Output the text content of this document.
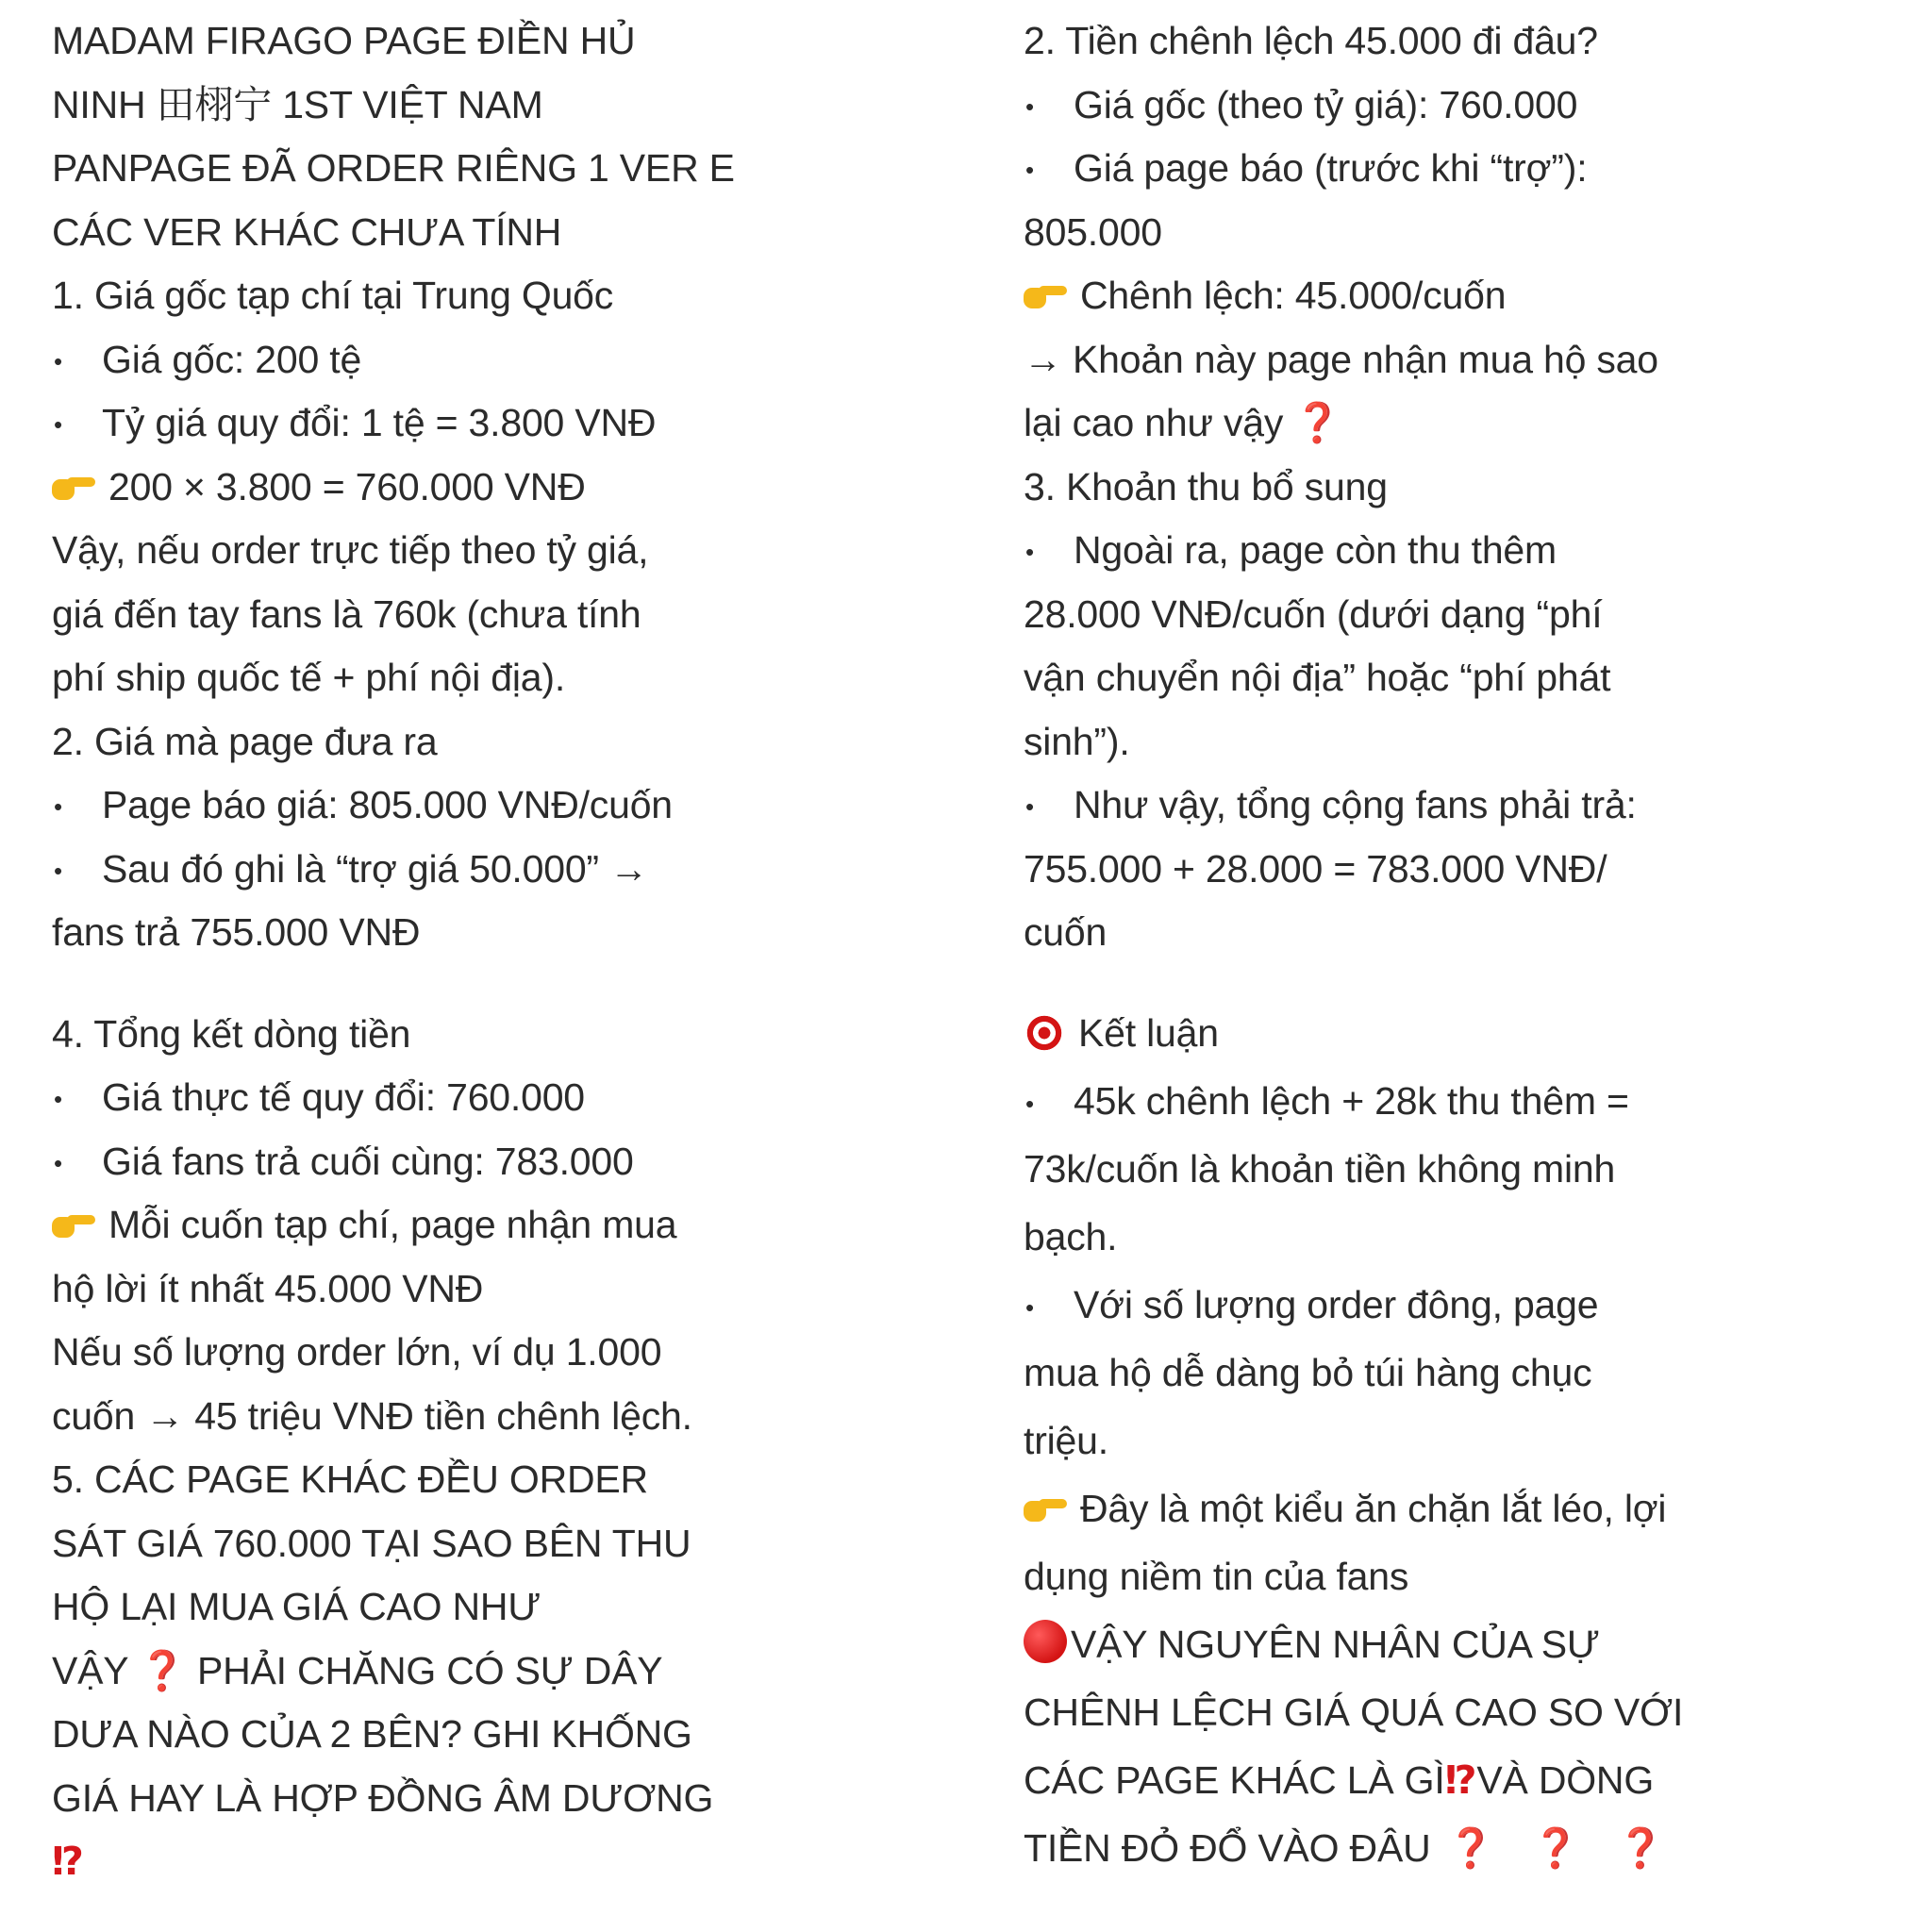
MADAM FIRAGO PAGE ĐIỀN HỦ
NINH 田栩宁 1ST VIỆT NAM
PANPAGE ĐÃ ORDER RIÊNG 1 VER E
CÁC VER KHÁC CHƯA TÍNH
1. Giá gốc tạp chí tại Trung Quốc
•Giá gốc: 200 tệ
•Tỷ giá quy đổi: 1 tệ = 3.800 VNĐ
200 × 3.800 = 760.000 VNĐ
Vậy, nếu order trực tiếp theo tỷ giá,
giá đến tay fans là 760k (chưa tính
phí ship quốc tế + phí nội địa).
2. Giá mà page đưa ra
•Page báo giá: 805.000 VNĐ/cuốn
•Sau đó ghi là “trợ giá 50.000” →
fans trả 755.000 VNĐ
4. Tổng kết dòng tiền
•Giá thực tế quy đổi: 760.000
•Giá fans trả cuối cùng: 783.000
Mỗi cuốn tạp chí, page nhận mua
hộ lời ít nhất 45.000 VNĐ
Nếu số lượng order lớn, ví dụ 1.000
cuốn → 45 triệu VNĐ tiền chênh lệch.
5. CÁC PAGE KHÁC ĐỀU ORDER
SÁT GIÁ 760.000 TẠI SAO BÊN THU
HỘ LẠI MUA GIÁ CAO NHƯ
VẬY ❓ PHẢI CHĂNG CÓ SỰ DÂY
DƯA NÀO CỦA 2 BÊN? GHI KHỐNG
GIÁ HAY LÀ HỢP ĐỒNG ÂM DƯƠNG
⁉
2. Tiền chênh lệch 45.000 đi đâu?
•Giá gốc (theo tỷ giá): 760.000
•Giá page báo (trước khi “trợ”):
805.000
Chênh lệch: 45.000/cuốn
→ Khoản này page nhận mua hộ sao
lại cao như vậy ❓
3. Khoản thu bổ sung
•Ngoài ra, page còn thu thêm
28.000 VNĐ/cuốn (dưới dạng “phí
vận chuyển nội địa” hoặc “phí phát
sinh”).
•Như vậy, tổng cộng fans phải trả:
755.000 + 28.000 = 783.000 VNĐ/
cuốn
Kết luận
•45k chênh lệch + 28k thu thêm =
73k/cuốn là khoản tiền không minh
bạch.
•Với số lượng order đông, page
mua hộ dễ dàng bỏ túi hàng chục
triệu.
Đây là một kiểu ăn chặn lắt léo, lợi
dụng niềm tin của fans
VẬY NGUYÊN NHÂN CỦA SỰ
CHÊNH LỆCH GIÁ QUÁ CAO SO VỚI
CÁC PAGE KHÁC LÀ GÌ⁉VÀ DÒNG
TIỀN ĐỎ ĐỔ VÀO ĐÂU ❓ ❓ ❓
